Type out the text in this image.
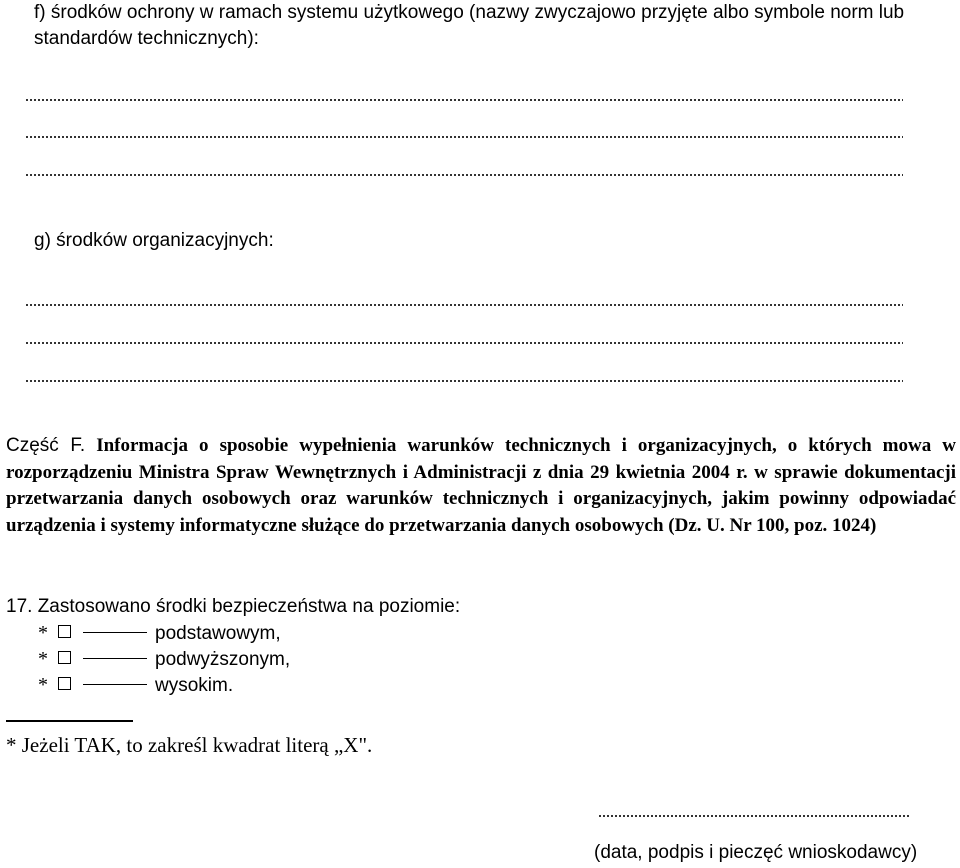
f) środków ochrony w ramach systemu użytkowego (nazwy zwyczajowo przyjęte albo symbole norm lub standardów technicznych):
g) środków organizacyjnych:
Część F. Informacja o sposobie wypełnienia warunków technicznych i organizacyjnych, o których mowa w rozporządzeniu Ministra Spraw Wewnętrznych i Administracji z dnia 29 kwietnia 2004 r. w sprawie dokumentacji przetwarzania danych osobowych oraz warunków technicznych i organizacyjnych, jakim powinny odpowiadać urządzenia i systemy informatyczne służące do przetwarzania danych osobowych (Dz. U. Nr 100, poz. 1024)
17. Zastosowano środki bezpieczeństwa na poziomie:
*	podstawowym,
*	podwyższonym,
*	wysokim.
* Jeżeli TAK, to zakreśl kwadrat literą „X".
(data, podpis i pieczęć wnioskodawcy)
